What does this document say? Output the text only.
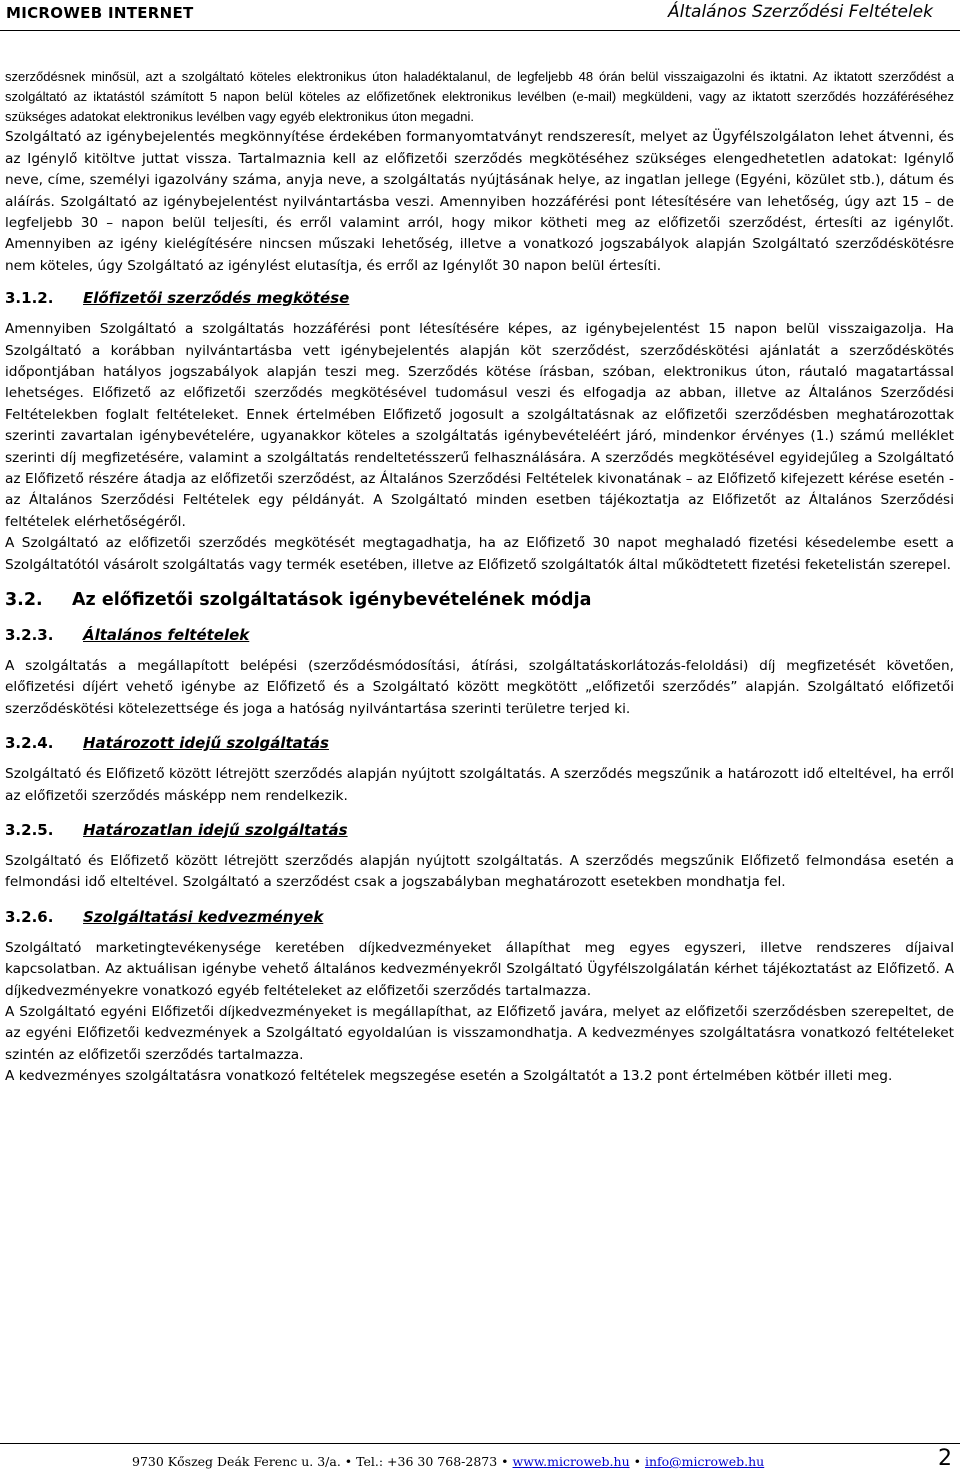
MICROWEB INTERNET	Általános Szerződési Feltételek

szerződésnek minősül, azt a szolgáltató köteles elektronikus úton haladéktalanul, de legfeljebb 48 órán belül visszaigazolni és iktatni. Az iktatott szerződést a szolgáltató az iktatástól számított 5 napon belül köteles az előfizetőnek elektronikus levélben (e-mail) megküldeni, vagy az iktatott szerződés hozzáféréséhez szükséges adatokat elektronikus levélben vagy egyéb elektronikus úton megadni.

Szolgáltató az igénybejelentés megkönnyítése érdekében formanyomtatványt rendszeresít, melyet az Ügyfélszolgálaton lehet átvenni, és az Igénylő kitöltve juttat vissza. Tartalmaznia kell az előfizetői szerződés megkötéséhez szükséges elengedhetetlen adatokat: Igénylő neve, címe, személyi igazolvány száma, anyja neve, a szolgáltatás nyújtásának helye, az ingatlan jellege (Egyéni, közület stb.), dátum és aláírás. Szolgáltató az igénybejelentést nyilvántartásba veszi. Amennyiben hozzáférési pont létesítésére van lehetőség, úgy azt 15 – de legfeljebb 30 – napon belül teljesíti, és erről valamint arról, hogy mikor kötheti meg az előfizetői szerződést, értesíti az igénylőt. Amennyiben az igény kielégítésére nincsen műszaki lehetőség, illetve a vonatkozó jogszabályok alapján Szolgáltató szerződéskötésre nem köteles, úgy Szolgáltató az igénylést elutasítja, és erről az Igénylőt 30 napon belül értesíti.

3.1.2. Előfizetői szerződés megkötése

Amennyiben Szolgáltató a szolgáltatás hozzáférési pont létesítésére képes, az igénybejelentést 15 napon belül visszaigazolja. Ha Szolgáltató a korábban nyilvántartásba vett igénybejelentés alapján köt szerződést, szerződéskötési ajánlatát a szerződéskötés időpontjában hatályos jogszabályok alapján teszi meg. Szerződés kötése írásban, szóban, elektronikus úton, ráutaló magatartással lehetséges. Előfizető az előfizetői szerződés megkötésével tudomásul veszi és elfogadja az abban, illetve az Általános Szerződési Feltételekben foglalt feltételeket. Ennek értelmében Előfizető jogosult a szolgáltatásnak az előfizetői szerződésben meghatározottak szerinti zavartalan igénybevételére, ugyanakkor köteles a szolgáltatás igénybevételéért járó, mindenkor érvényes (1.) számú melléklet szerinti díj megfizetésére, valamint a szolgáltatás rendeltetésszerű felhasználására. A szerződés megkötésével egyidejűleg a Szolgáltató az Előfizető részére átadja az előfizetői szerződést, az Általános Szerződési Feltételek kivonatának – az Előfizető kifejezett kérése esetén - az Általános Szerződési Feltételek egy példányát. A Szolgáltató minden esetben tájékoztatja az Előfizetőt az Általános Szerződési feltételek elérhetőségéről.

A Szolgáltató az előfizetői szerződés megkötését megtagadhatja, ha az Előfizető 30 napot meghaladó fizetési késedelembe esett a Szolgáltatótól vásárolt szolgáltatás vagy termék esetében, illetve az Előfizető szolgáltatók által működtetett fizetési feketelistán szerepel.

3.2. Az előfizetői szolgáltatások igénybevételének módja
3.2.3. Általános feltételek

A szolgáltatás a megállapított belépési (szerződésmódosítási, átírási, szolgáltatáskorlátozás-feloldási) díj megfizetését követően, előfizetési díjért vehető igénybe az Előfizető és a Szolgáltató között megkötött „előfizetői szerződés” alapján. Szolgáltató előfizetői szerződéskötési kötelezettsége és joga a hatóság nyilvántartása szerinti területre terjed ki.

3.2.4. Határozott idejű szolgáltatás

Szolgáltató és Előfizető között létrejött szerződés alapján nyújtott szolgáltatás. A szerződés megszűnik a határozott idő elteltével, ha erről az előfizetői szerződés másképp nem rendelkezik.

3.2.5. Határozatlan idejű szolgáltatás

Szolgáltató és Előfizető között létrejött szerződés alapján nyújtott szolgáltatás. A szerződés megszűnik Előfizető felmondása esetén a felmondási idő elteltével. Szolgáltató a szerződést csak a jogszabályban meghatározott esetekben mondhatja fel.

3.2.6. Szolgáltatási kedvezmények

Szolgáltató marketingtevékenysége keretében díjkedvezményeket állapíthat meg egyes egyszeri, illetve rendszeres díjaival kapcsolatban. Az aktuálisan igénybe vehető általános kedvezményekről Szolgáltató Ügyfélszolgálatán kérhet tájékoztatást az Előfizető. A díjkedvezményekre vonatkozó egyéb feltételeket az előfizetői szerződés tartalmazza.

A Szolgáltató egyéni Előfizetői díjkedvezményeket is megállapíthat, az Előfizető javára, melyet az előfizetői szerződésben szerepeltet, de az egyéni Előfizetői kedvezmények a Szolgáltató egyoldalúan is visszamondhatja. A kedvezményes szolgáltatásra vonatkozó feltételeket szintén az előfizetői szerződés tartalmazza.

A kedvezményes szolgáltatásra vonatkozó feltételek megszegése esetén a Szolgáltatót a 13.2 pont értelmében kötbér illeti meg.

9730 Kőszeg Deák Ferenc u. 3/a. • Tel.: +36 30 768-2873 • www.microweb.hu • info@microweb.hu	2
